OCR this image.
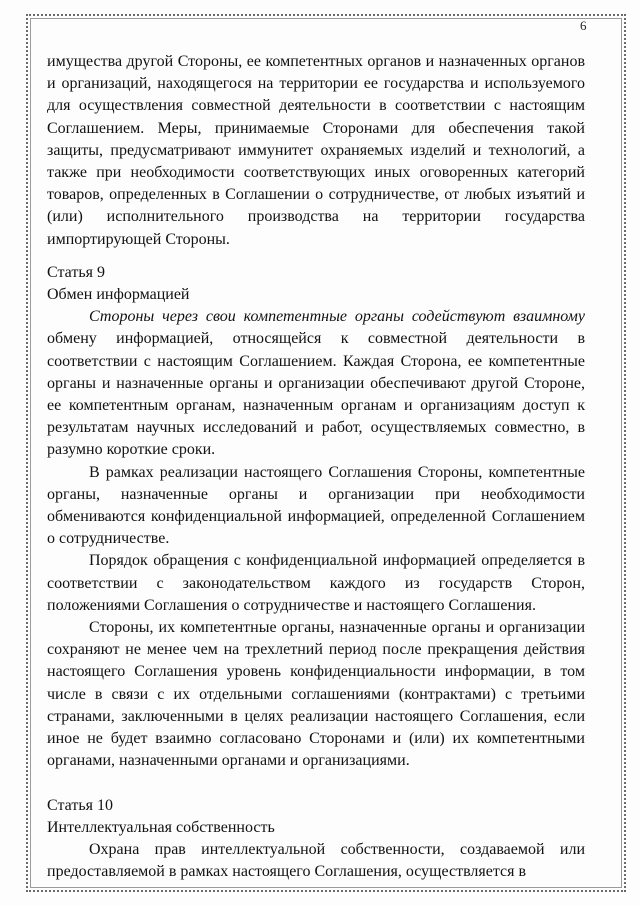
6

имущества другой Стороны, ее компетентных органов и назначенных органов и организаций, находящегося на территории ее государства и используемого для осуществления совместной деятельности в соответствии с настоящим Соглашением. Меры, принимаемые Сторонами для обеспечения такой защиты, предусматривают иммунитет охраняемых изделий и технологий, а также при необходимости соответствующих иных оговоренных категорий товаров, определенных в Соглашении о сотрудничестве, от любых изъятий и (или) исполнительного производства на территории государства импортирующей Стороны.

Статья 9

Обмен информацией

Стороны через свои компетентные органы содействуют взаимному обмену информацией, относящейся к совместной деятельности в соответствии с настоящим Соглашением. Каждая Сторона, ее компетентные органы и назначенные органы и организации обеспечивают другой Стороне, ее компетентным органам, назначенным органам и организациям доступ к результатам научных исследований и работ, осуществляемых совместно, в разумно короткие сроки.

В рамках реализации настоящего Соглашения Стороны, компетентные органы, назначенные органы и организации при необходимости обмениваются конфиденциальной информацией, определенной Соглашением о сотрудничестве.

Порядок обращения с конфиденциальной информацией определяется в соответствии с законодательством каждого из государств Сторон, положениями Соглашения о сотрудничестве и настоящего Соглашения.

Стороны, их компетентные органы, назначенные органы и организации сохраняют не менее чем на трехлетний период после прекращения действия настоящего Соглашения уровень конфиденциальности информации, в том числе в связи с их отдельными соглашениями (контрактами) с третьими странами, заключенными в целях реализации настоящего Соглашения, если иное не будет взаимно согласовано Сторонами и (или) их компетентными органами, назначенными органами и организациями.

Статья 10

Интеллектуальная собственность

Охрана прав интеллектуальной собственности, создаваемой или предоставляемой в рамках настоящего Соглашения, осуществляется в
